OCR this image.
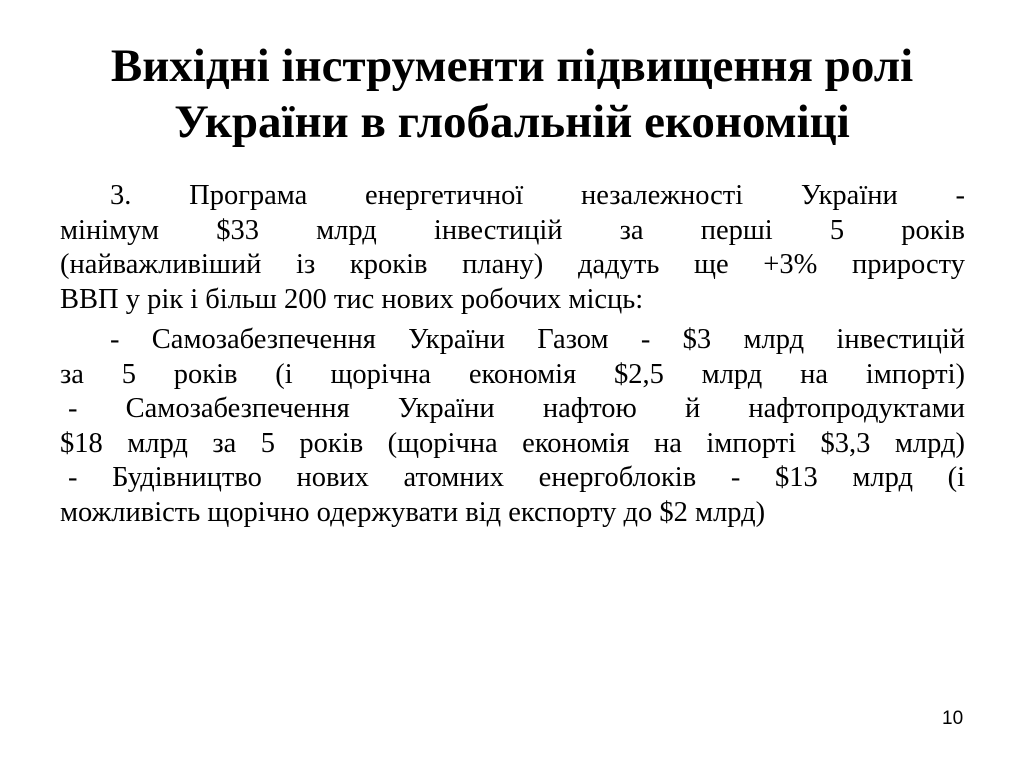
Вихідні інструменти підвищення ролі
України в глобальній економіці
3. Програма енергетичної незалежності України -
мінімум $33 млрд інвестицій за перші 5 років
(найважливіший із кроків плану) дадуть ще +3% приросту
ВВП у рік і більш 200 тис нових робочих місць:
- Самозабезпечення України Газом - $3 млрд інвестицій
за 5 років (і щорічна економія $2,5 млрд на імпорті)
- Самозабезпечення України нафтою й нафтопродуктами
$18 млрд за 5 років (щорічна економія на імпорті $3,3 млрд)
- Будівництво нових атомних енергоблоків - $13 млрд (і
можливість щорічно одержувати від експорту до $2 млрд)
10
